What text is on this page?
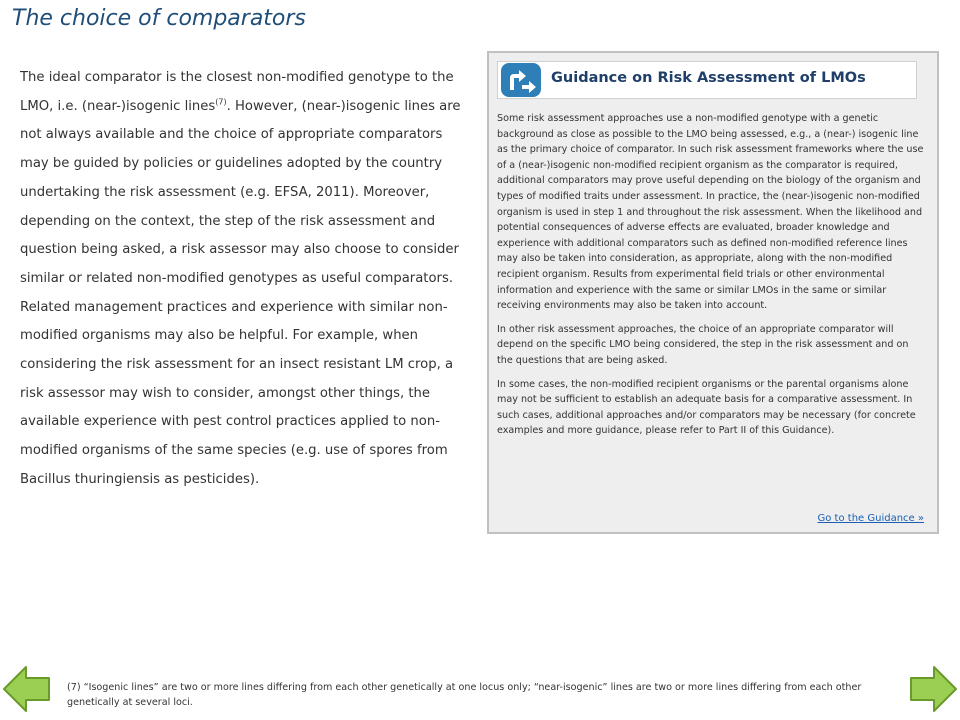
The choice of comparators
The ideal comparator is the closest non-modified genotype to the LMO, i.e. (near-)isogenic lines$^{(7)}$. However, (near-)isogenic lines are not always available and the choice of appropriate comparators may be guided by policies or guidelines adopted by the country undertaking the risk assessment (e.g. EFSA, 2011). Moreover, depending on the context, the step of the risk assessment and question being asked, a risk assessor may also choose to consider similar or related non-modified genotypes as useful comparators. Related management practices and experience with similar non-modified organisms may also be helpful. For example, when considering the risk assessment for an insect resistant LM crop, a risk assessor may wish to consider, amongst other things, the available experience with pest control practices applied to non-modified organisms of the same species (e.g. use of spores from Bacillus thuringiensis as pesticides).
Guidance on Risk Assessment of LMOs

Some risk assessment approaches use a non-modified genotype with a genetic background as close as possible to the LMO being assessed, e.g., a (near-) isogenic line as the primary choice of comparator. In such risk assessment frameworks where the use of a (near-)isogenic non-modified recipient organism as the comparator is required, additional comparators may prove useful depending on the biology of the organism and types of modified traits under assessment. In practice, the (near-)isogenic non-modified organism is used in step 1 and throughout the risk assessment. When the likelihood and potential consequences of adverse effects are evaluated, broader knowledge and experience with additional comparators such as defined non-modified reference lines may also be taken into consideration, as appropriate, along with the non-modified recipient organism. Results from experimental field trials or other environmental information and experience with the same or similar LMOs in the same or similar receiving environments may also be taken into account.

In other risk assessment approaches, the choice of an appropriate comparator will depend on the specific LMO being considered, the step in the risk assessment and on the questions that are being asked.

In some cases, the non-modified recipient organisms or the parental organisms alone may not be sufficient to establish an adequate basis for a comparative assessment. In such cases, additional approaches and/or comparators may be necessary (for concrete examples and more guidance, please refer to Part II of this Guidance).

Go to the Guidance »
(7) “Isogenic lines” are two or more lines differing from each other genetically at one locus only; “near-isogenic” lines are two or more lines differing from each other genetically at several loci.
